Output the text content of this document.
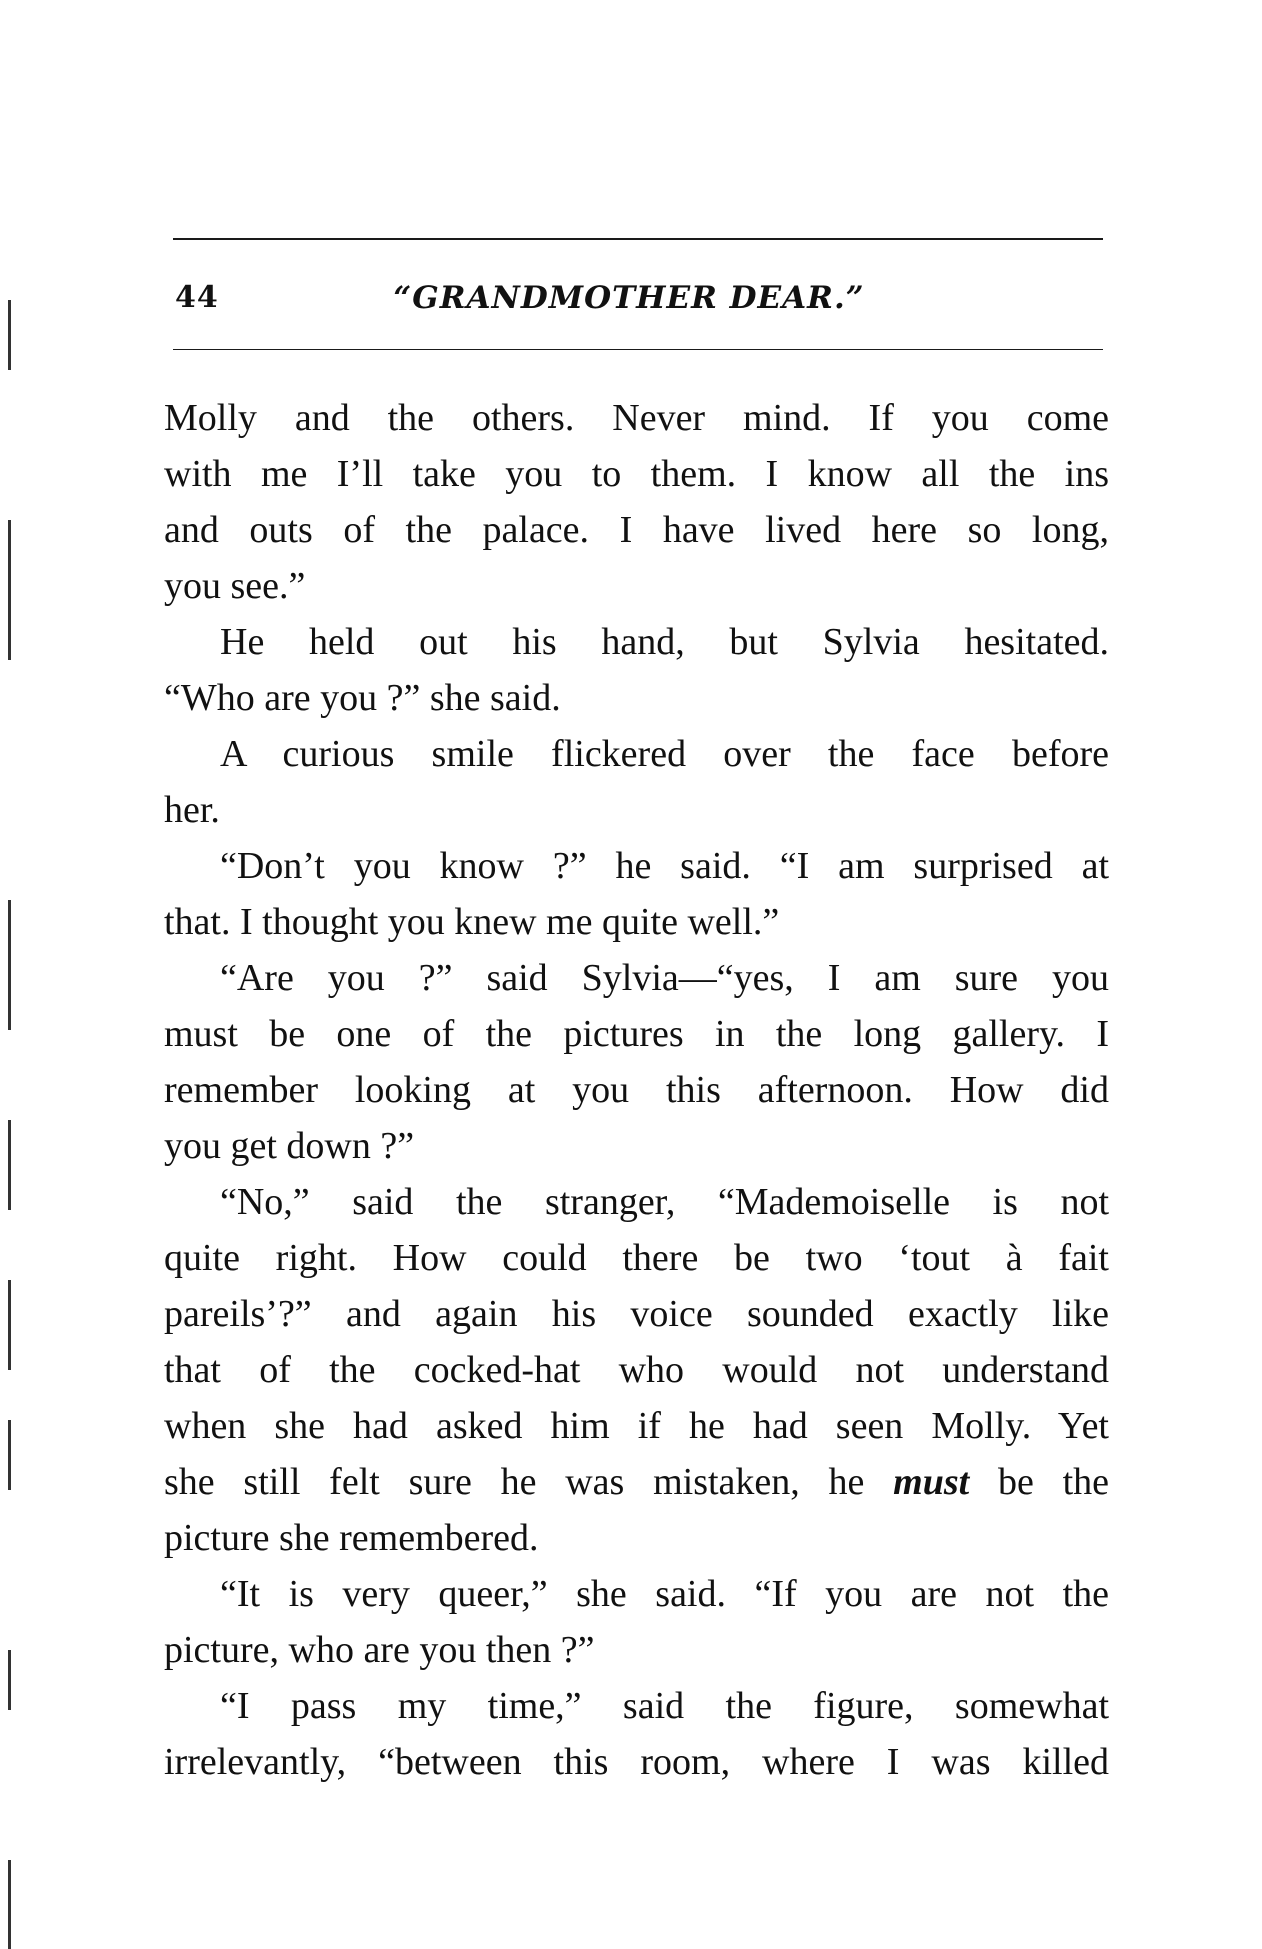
44	“GRANDMOTHER DEAR.”
Molly and the others. Never mind. If you come
with me I’ll take you to them. I know all the ins
and outs of the palace. I have lived here so long,
you see.”
He held out his hand, but Sylvia hesitated.
“Who are you ?” she said.
A curious smile flickered over the face before
her.
“Don’t you know ?” he said. “I am surprised at
that. I thought you knew me quite well.”
“Are you ?” said Sylvia—“yes, I am sure you
must be one of the pictures in the long gallery. I
remember looking at you this afternoon. How did
you get down ?”
“No,” said the stranger, “Mademoiselle is not
quite right. How could there be two ‘tout à fait
pareils’?” and again his voice sounded exactly like
that of the cocked-hat who would not understand
when she had asked him if he had seen Molly. Yet
she still felt sure he was mistaken, he must be the
picture she remembered.
“It is very queer,” she said. “If you are not the
picture, who are you then ?”
“I pass my time,” said the figure, somewhat
irrelevantly, “between this room, where I was killed
